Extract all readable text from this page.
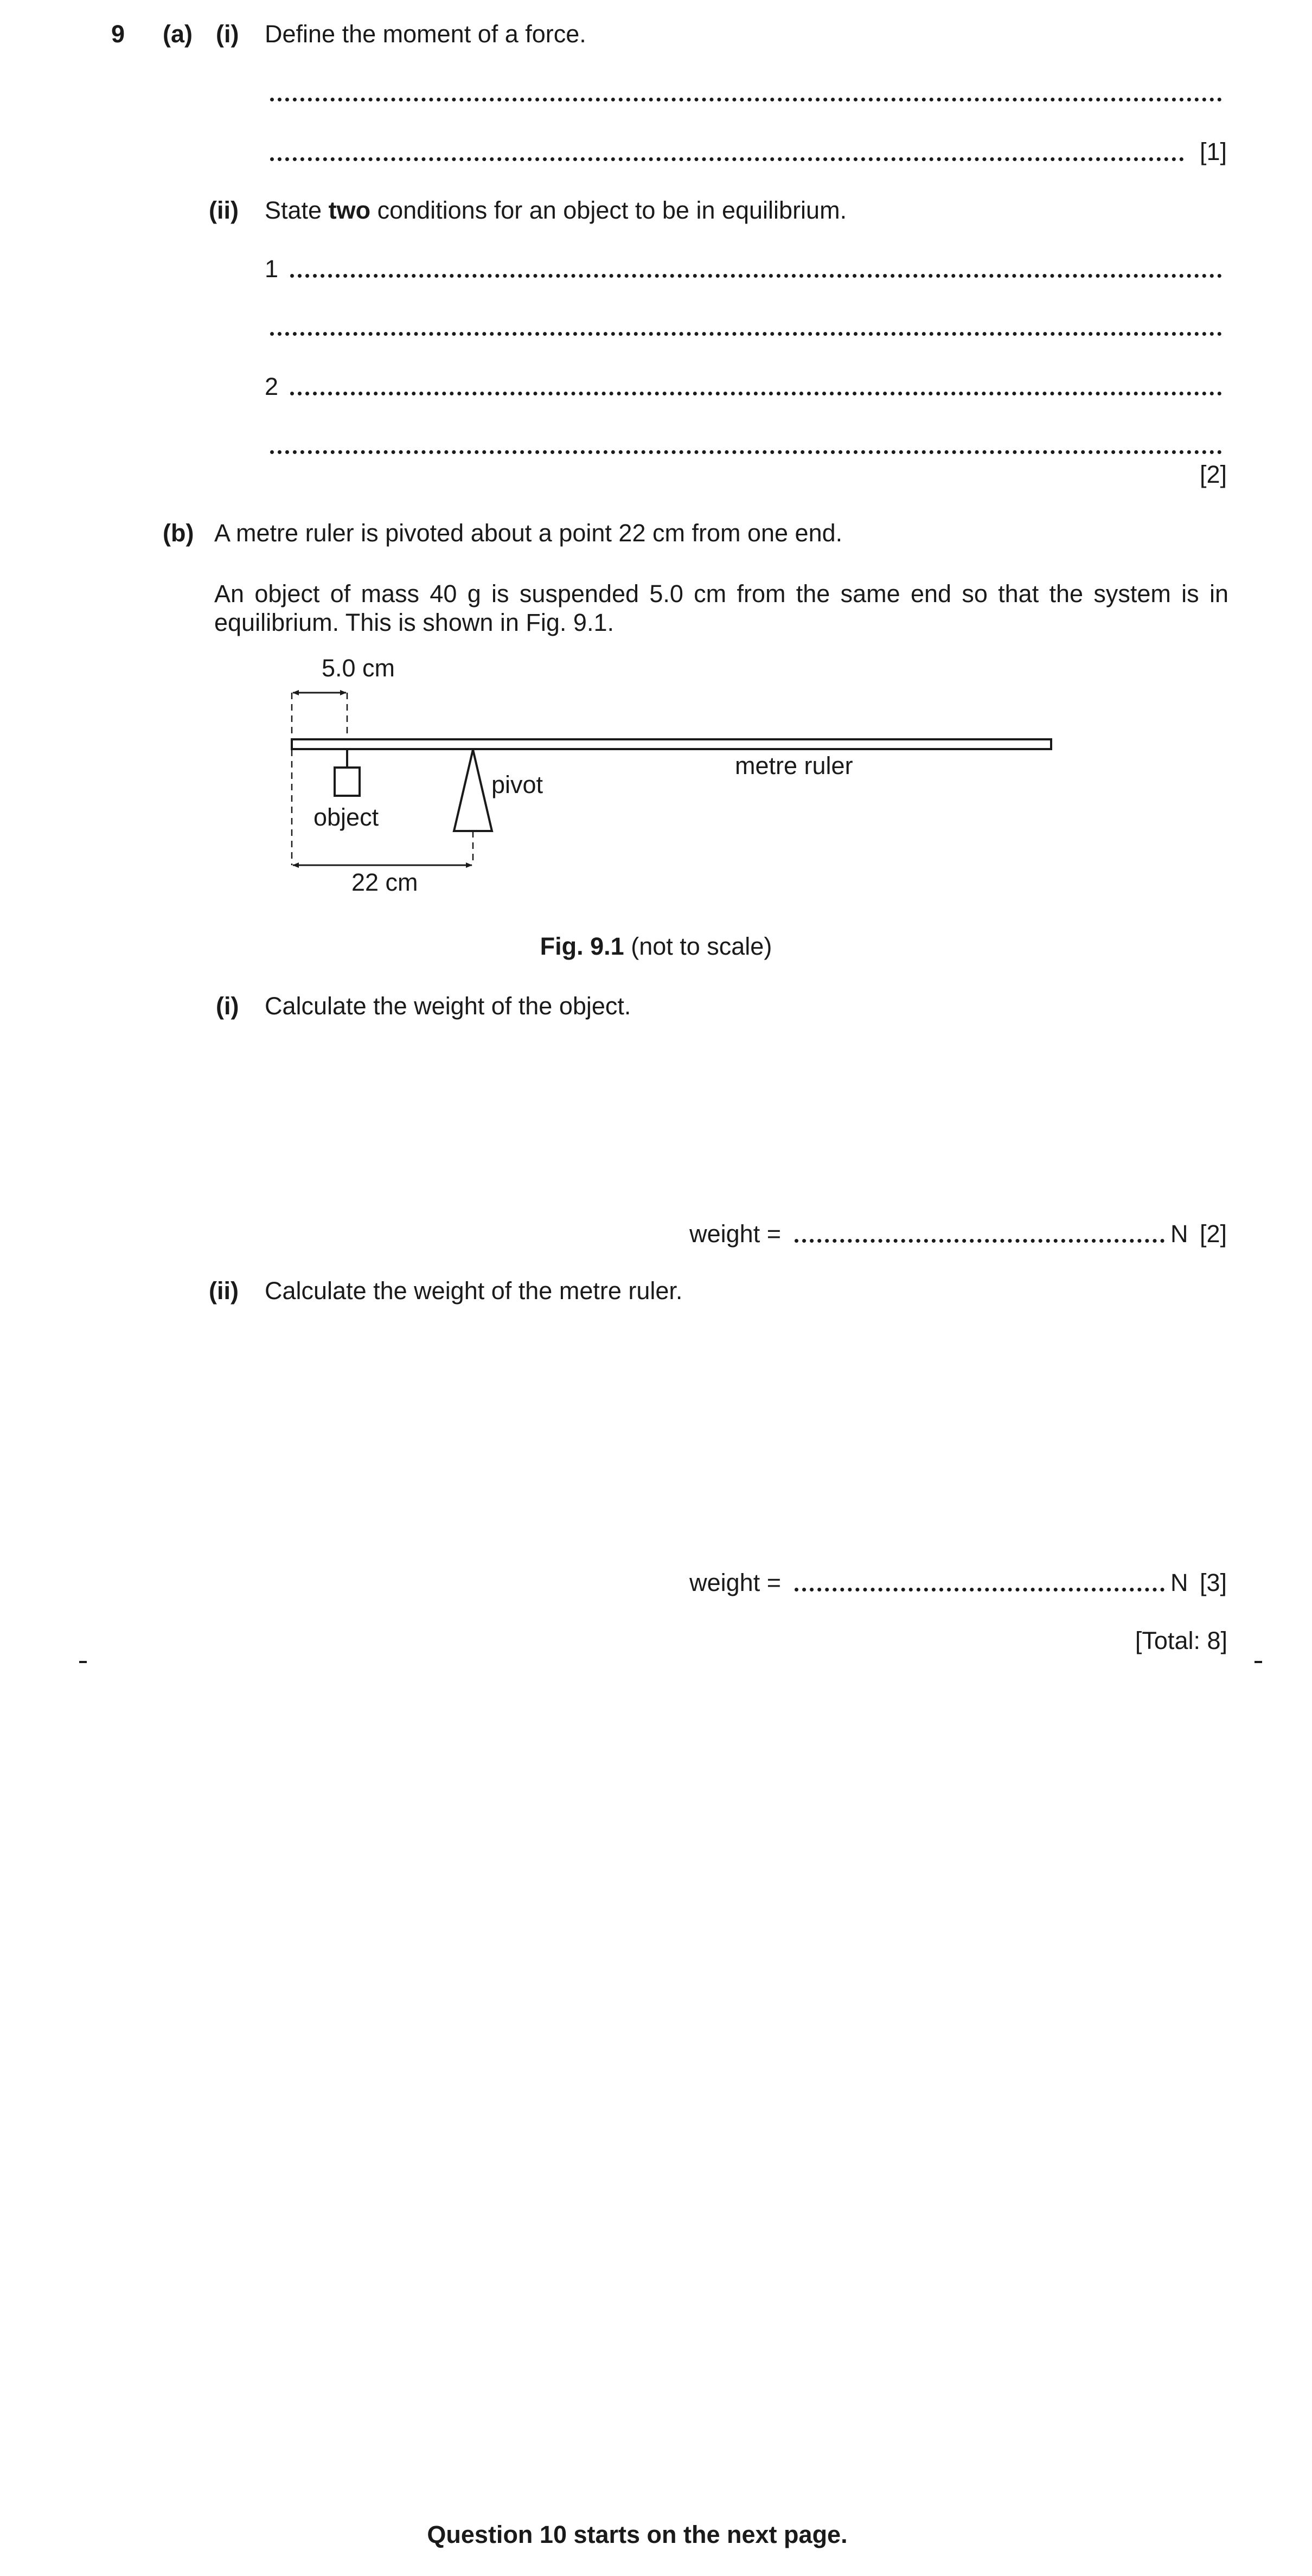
9 (a) (i) Define the moment of a force.
[1]
(ii) State two conditions for an object to be in equilibrium.
1
2
[2]
(b) A metre ruler is pivoted about a point 22 cm from one end.
An object of mass 40 g is suspended 5.0 cm from the same end so that the system is in equilibrium. This is shown in Fig. 9.1.
5.0 cm
object
pivot
metre ruler
22 cm
Fig. 9.1 (not to scale)
(i) Calculate the weight of the object.
weight =	N [2]
(ii) Calculate the weight of the metre ruler.
weight =	N [3]
[Total: 8]
Question 10 starts on the next page.
